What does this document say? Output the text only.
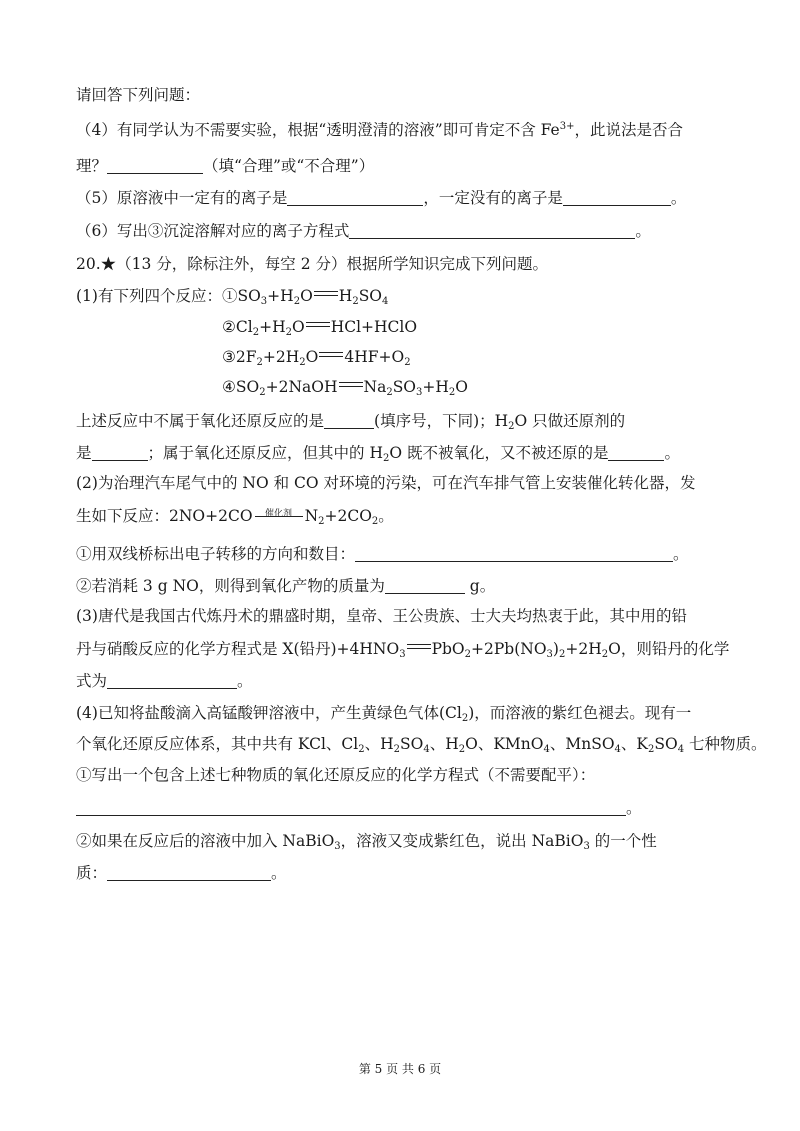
请回答下列问题：
（4）有同学认为不需要实验，根据“透明澄清的溶液”即可肯定不含 $Fe^{3+}$，此说法是否合
理？	（填“合理”或“不合理”）
（5）原溶液中一定有的离子是	，一定没有的离子是	。
（6）写出③沉淀溶解对应的离子方程式	。
20.★（13 分，除标注外，每空 2 分）根据所学知识完成下列问题。
(1)有下列四个反应：$①SO_3+H_2O$ $H_2SO_4$
$②Cl_2+H_2O$ HCl+HClO
$③2F_2+2H_2O$ $4HF+O_2$
$④SO_2+2NaOH$ $Na_2SO_3+H_2O$
上述反应中不属于氧化还原反应的是	(填序号，下同)；$H_2O$ 只做还原剂的
是	；属于氧化还原反应，但其中的 $H_2O$ 既不被氧化，又不被还原的是	。
(2)为治理汽车尾气中的 NO 和 CO 对环境的污染，可在汽车排气管上安装催化转化器，发
生如下反应：2NO+2CO	催化剂 $N_2+2CO_2$。
①用双线桥标出电子转移的方向和数目：	。
②若消耗 3 g NO，则得到氧化产物的质量为	g。
(3)唐代是我国古代炼丹术的鼎盛时期，皇帝、王公贵族、士大夫均热衷于此，其中用的铅
丹与硝酸反应的化学方程式是 X(铅丹)$+4HNO_3$ $PbO_2+2Pb(NO_3)_2+2H_2O$，则铅丹的化学
式为	。
(4)已知将盐酸滴入高锰酸钾溶液中，产生黄绿色气体$(Cl_2)$，而溶液的紫红色褪去。现有一
个氧化还原反应体系，其中共有 KCl、$Cl_2$、$H_2SO_4$、$H_2O$、KMnO$_4$、MnSO$_4$、$K_2SO_4$ 七种物质。
①写出一个包含上述七种物质的氧化还原反应的化学方程式（不需要配平）：
。
②如果在反应后的溶液中加入 NaBiO$_3$，溶液又变成紫红色，说出 NaBiO$_3$ 的一个性
质：	。
第 5 页 共 6 页
